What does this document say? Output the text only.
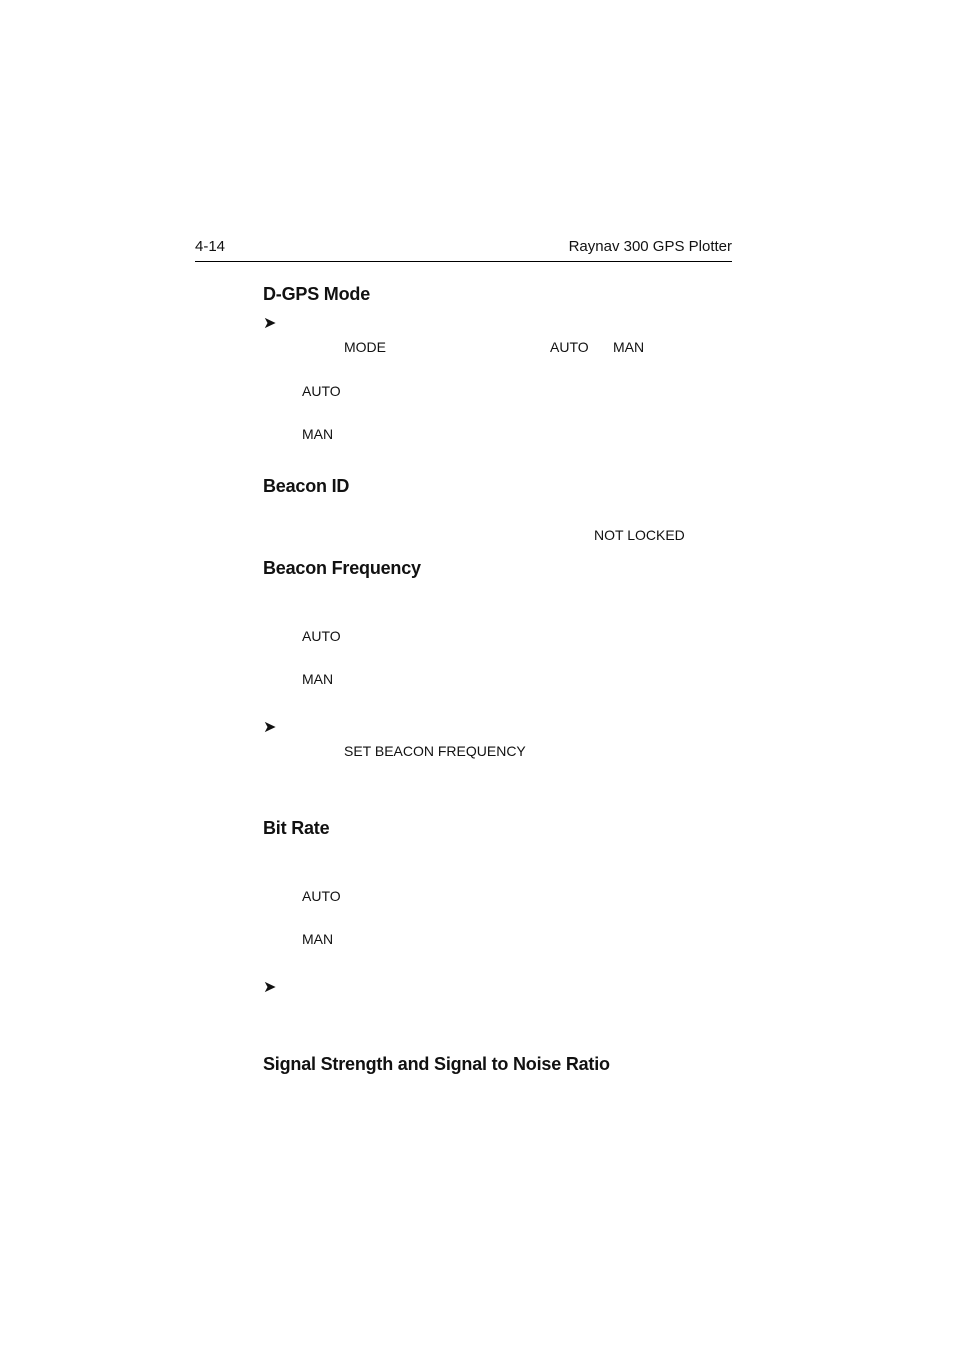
4-14	Raynav 300 GPS Plotter
D-GPS Mode
➤
MODE	AUTO MAN
AUTO
MAN
Beacon ID
NOT LOCKED
Beacon Frequency
AUTO
MAN
➤
SET BEACON FREQUENCY
Bit Rate
AUTO
MAN
➤
Signal Strength and Signal to Noise Ratio
